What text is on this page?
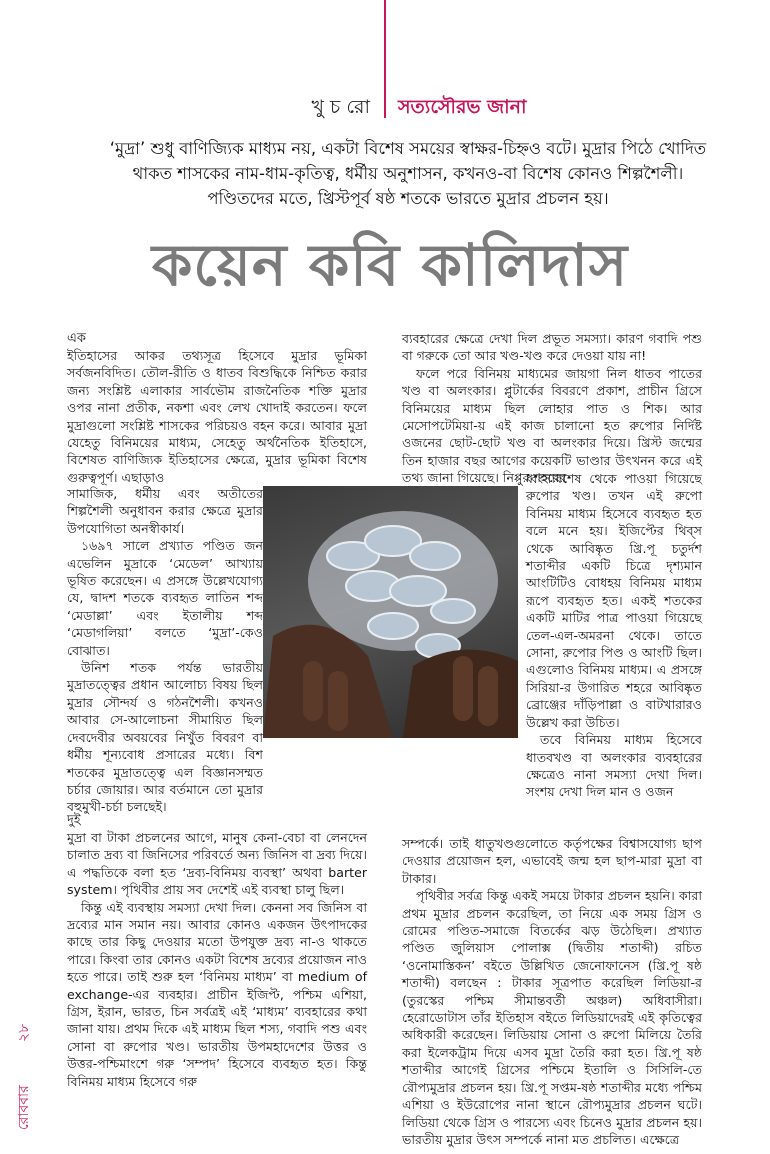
খু চ রো সত্যসৌরভ জানা
‘মুদ্রা’ শুধু বাণিজ্যিক মাধ্যম নয়, একটা বিশেষ সময়ের স্বাক্ষর-চিহ্নও বটে। মুদ্রার পিঠে খোদিত থাকত শাসকের নাম-ধাম-কৃতিত্ব, ধর্মীয় অনুশাসন, কখনও-বা বিশেষ কোনও শিল্পশৈলী। পণ্ডিতদের মতে, খ্রিস্টপূর্ব ষষ্ঠ শতকে ভারতে মুদ্রার প্রচলন হয়।
কয়েন কবি কালিদাস
এক

ইতিহাসের আকর তথ্যসূত্র হিসেবে মুদ্রার ভূমিকা সর্বজনবিদিত। তৌল-রীতি ও ধাতব বিশুদ্ধিকে নিশ্চিত করার জন্য সংশ্লিষ্ট এলাকার সার্বভৌম রাজনৈতিক শক্তি মুদ্রার ওপর নানা প্রতীক, নকশা এবং লেখ খোদাই করতেন। ফলে মুদ্রাগুলো সংশ্লিষ্ট শাসকের পরিচয়ও বহন করে। আবার মুদ্রা যেহেতু বিনিময়ের মাধ্যম, সেহেতু অর্থনৈতিক ইতিহাসে, বিশেষত বাণিজ্যিক ইতিহাসের ক্ষেত্রে, মুদ্রার ভূমিকা বিশেষ গুরুত্বপূর্ণ। এছাড়াও

সামাজিক, ধর্মীয় এবং অতীতের শিল্পশৈলী অনুধাবন করার ক্ষেত্রে মুদ্রার উপযোগিতা অনস্বীকার্য।

১৬৯৭ সালে প্রখ্যাত পণ্ডিত জন এভেলিন মুদ্রাকে ‘মেডেল’ আখ্যায় ভূষিত করেছেন। এ প্রসঙ্গে উল্লেখযোগ্য যে, দ্বাদশ শতকে ব্যবহৃত লাতিন শব্দ ‘মেডাল্লা’ এবং ইতালীয় শব্দ ‘মেডাগলিয়া’ বলতে ‘মুদ্রা’-কেও বোঝাত।

উনিশ শতক পর্যন্ত ভারতীয় মুদ্রাতত্ত্বের প্রধান আলোচ্য বিষয় ছিল মুদ্রার সৌন্দর্য ও গঠনশৈলী। কখনও আবার সে-আলোচনা সীমায়িত ছিল দেবদেবীর অবয়বের নিখুঁত বিবরণ বা ধর্মীয় শূন্যবোধ প্রসারের মধ্যে। বিশ শতকের মুদ্রাতত্ত্বে এল বিজ্ঞানসম্মত চর্চার জোয়ার। আর বর্তমানে তো মুদ্রার বহুমুখী-চর্চা চলছেই।

দুই

মুদ্রা বা টাকা প্রচলনের আগে, মানুষ কেনা-বেচা বা লেনদেন চালাত দ্রব্য বা জিনিসের পরিবর্তে অন্য জিনিস বা দ্রব্য দিয়ে। এ পদ্ধতিকে বলা হত ‘দ্রব্য-বিনিময় ব্যবস্থা’ অথবা barter system। পৃথিবীর প্রায় সব দেশেই এই ব্যবস্থা চালু ছিল।

কিন্তু এই ব্যবস্থায় সমস্যা দেখা দিল। কেননা সব জিনিস বা দ্রব্যের মান সমান নয়। আবার কোনও একজন উৎপাদকের কাছে তার কিছু দেওয়ার মতো উপযুক্ত দ্রব্য না-ও থাকতে পারে। কিংবা তার কোনও একটা বিশেষ দ্রব্যের প্রয়োজন নাও হতে পারে। তাই শুরু হল ‘বিনিময় মাধ্যম’ বা medium of exchange-এর ব্যবহার। প্রাচীন ইজিপ্ট, পশ্চিম এশিয়া, গ্রিস, ইরান, ভারত, চিন সর্বত্রই এই ‘মাধ্যম’ ব্যবহারের কথা জানা যায়। প্রথম দিকে এই মাধ্যম ছিল শস্য, গবাদি পশু এবং সোনা বা রুপোর খণ্ড। ভারতীয় উপমহাদেশের উত্তর ও উত্তর-পশ্চিমাংশে গরু ‘সম্পদ’ হিসেবে ব্যবহৃত হত। কিন্তু বিনিময় মাধ্যম হিসেবে গরু

ব্যবহারের ক্ষেত্রে দেখা দিল প্রভূত সমস্যা। কারণ গবাদি পশু বা গরুকে তো আর খণ্ড-খণ্ড করে দেওয়া যায় না!

ফলে পরে বিনিময় মাধ্যমের জায়গা নিল ধাতব পাতের খণ্ড বা অলংকার। প্লুটার্কের বিবরণে প্রকাশ, প্রাচীন গ্রিসে বিনিময়ের মাধ্যম ছিল লোহার পাত ও শিক। আর মেসোপটেমিয়া-য় এই কাজ চালানো হত রুপোর নির্দিষ্ট ওজনের ছোট-ছোট খণ্ড বা অলংকার দিয়ে। খ্রিস্ট জন্মের তিন হাজার বছর আগের কয়েকটি ভাণ্ডার উৎখনন করে এই তথ্য জানা গিয়েছে। নিপ্পুর শহরের

ধ্বংসাবশেষ থেকে পাওয়া গিয়েছে রুপোর খণ্ড। তখন এই রুপো বিনিময় মাধ্যম হিসেবে ব্যবহৃত হত বলে মনে হয়। ইজিপ্টের থিব্স থেকে আবিষ্কৃত খ্রি.পূ চতুর্দশ শতাব্দীর একটি চিত্রে দৃশ্যমান আংটিটিও বোধহয় বিনিময় মাধ্যম রূপে ব্যবহৃত হত। একই শতকের একটি মাটির পাত্র পাওয়া গিয়েছে তেল-এল-অমরনা থেকে। তাতে সোনা, রুপোর পিণ্ড ও আংটি ছিল। এগুলোও বিনিময় মাধ্যম। এ প্রসঙ্গে সিরিয়া-র উগারিত শহরে আবিষ্কৃত ব্রোঞ্জের দাঁড়িপাল্লা ও বাটখারারও উল্লেখ করা উচিত।

তবে বিনিময় মাধ্যম হিসেবে ধাতবখণ্ড বা অলংকার ব্যবহারের ক্ষেত্রেও নানা সমস্যা দেখা দিল। সংশয় দেখা দিল মান ও ওজন

সম্পর্কে। তাই ধাতুখণ্ডগুলোতে কর্তৃপক্ষের বিশ্বাসযোগ্য ছাপ দেওয়ার প্রয়োজন হল, এভাবেই জন্ম হল ছাপ-মারা মুদ্রা বা টাকার।

পৃথিবীর সর্বত্র কিন্তু একই সময়ে টাকার প্রচলন হয়নি। কারা প্রথম মুদ্রার প্রচলন করেছিল, তা নিয়ে এক সময় গ্রিস ও রোমের পণ্ডিত-সমাজে বিতর্কের ঝড় উঠেছিল। প্রখ্যাত পণ্ডিত জুলিয়াস পোলাক্স (দ্বিতীয় শতাব্দী) রচিত ‘ওনোমাস্তিকন’ বইতে উল্লিখিত জেনোফানেস (খ্রি.পূ ষষ্ঠ শতাব্দী) বলছেন : টাকার সূত্রপাত করেছিল লিডিয়া-র (তুরস্কের পশ্চিম সীমান্তবর্তী অঞ্চল) অধিবাসীরা। হেরোডোটাস তাঁর ইতিহাস বইতে লিডিয়াদেরই এই কৃতিত্বের অধিকারী করেছেন। লিডিয়ায় সোনা ও রুপো মিলিয়ে তৈরি করা ইলেকট্রাম দিয়ে এসব মুদ্রা তৈরি করা হত। খ্রি.পূ ষষ্ঠ শতাব্দীর আগেই গ্রিসের পশ্চিমে ইতালি ও সিসিলি-তে রৌপ্যমুদ্রার প্রচলন হয়। খ্রি.পূ সপ্তম-ষষ্ঠ শতাব্দীর মধ্যে পশ্চিম এশিয়া ও ইউরোপের নানা স্থানে রৌপ্যমুদ্রার প্রচলন ঘটে। লিডিয়া থেকে গ্রিস ও পারস্যে এবং চিনেও মুদ্রার প্রচলন হয়। ভারতীয় মুদ্রার উৎস সম্পর্কে নানা মত প্রচলিত। এক্ষেত্রে

২৮
রোববার
